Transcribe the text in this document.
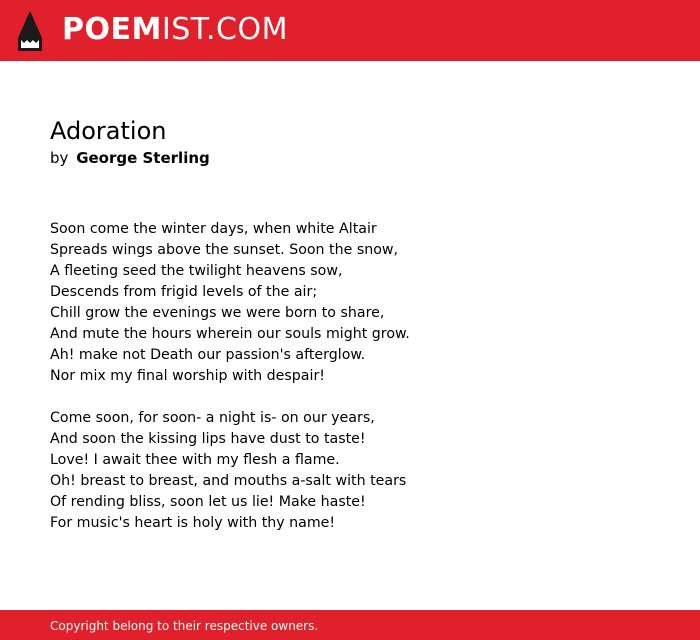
POEMIST.COM
Adoration
by George Sterling
Soon come the winter days, when white Altair
Spreads wings above the sunset. Soon the snow,
A fleeting seed the twilight heavens sow,
Descends from frigid levels of the air;
Chill grow the evenings we were born to share,
And mute the hours wherein our souls might grow.
Ah! make not Death our passion's afterglow.
Nor mix my final worship with despair!
Come soon, for soon- a night is- on our years,
And soon the kissing lips have dust to taste!
Love! I await thee with my flesh a flame.
Oh! breast to breast, and mouths a-salt with tears
Of rending bliss, soon let us lie! Make haste!
For music's heart is holy with thy name!
Copyright belong to their respective owners.
